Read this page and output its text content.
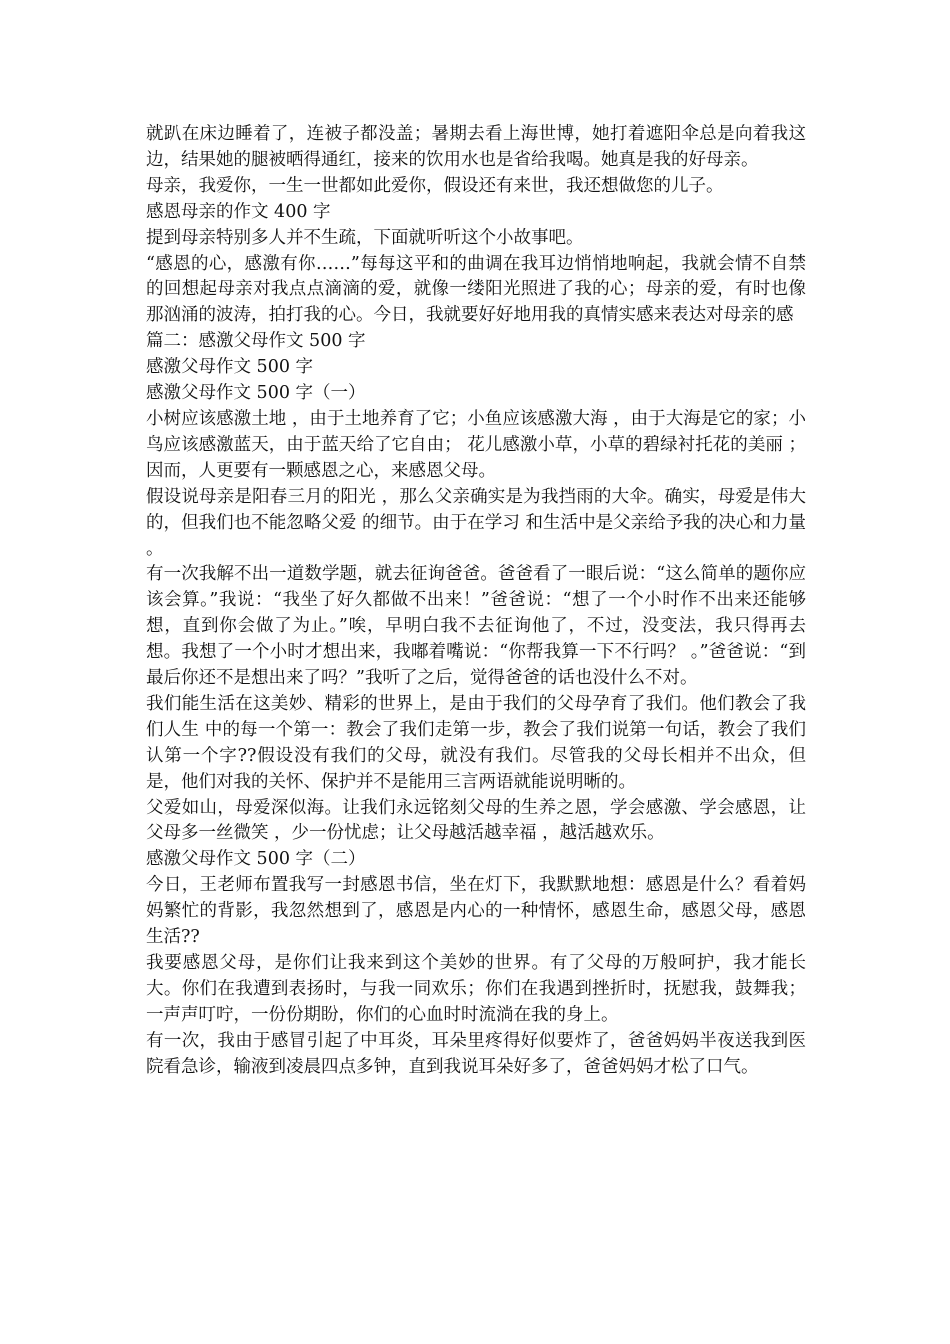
就趴在床边睡着了，连被子都没盖；暑期去看上海世博，她打着遮阳伞总是向着我这边，结果她的腿被晒得通红，接来的饮用水也是省给我喝。她真是我的好母亲。

母亲，我爱你，一生一世都如此爱你，假设还有来世，我还想做您的儿子。

感恩母亲的作文 400 字

提到母亲特别多人并不生疏，下面就听听这个小故事吧。

“感恩的心，感激有你……”每每这平和的曲调在我耳边悄悄地响起，我就会情不自禁的回想起母亲对我点点滴滴的爱，就像一缕阳光照进了我的心；母亲的爱，有时也像那汹涌的波涛，拍打我的心。今日，我就要好好地用我的真情实感来表达对母亲的感

篇二：感激父母作文 500 字

感激父母作文 500 字

感激父母作文 500 字（一）

小树应该感激土地 ，由于土地养育了它；小鱼应该感激大海 ，由于大海是它的家；小鸟应该感激蓝天，由于蓝天给了它自由； 花儿感激小草，小草的碧绿衬托花的美丽 ；因而，人更要有一颗感恩之心，来感恩父母。

假设说母亲是阳春三月的阳光 ，那么父亲确实是为我挡雨的大伞。确实，母爱是伟大 的，但我们也不能忽略父爱 的细节。由于在学习 和生活中是父亲给予我的决心和力量 。

有一次我解不出一道数学题，就去征询爸爸。爸爸看了一眼后说：“这么简单的题你应该会算。”我说：“我坐了好久都做不出来！”爸爸说：“想了一个小时作不出来还能够想，直到你会做了为止。”唉，早明白我不去征询他了，不过，没变法，我只得再去想。我想了一个小时才想出来，我嘟着嘴说：“你帮我算一下不行吗？ 。”爸爸说：“到最后你还不是想出来了吗？”我听了之后，觉得爸爸的话也没什么不对。

我们能生活在这美妙、精彩的世界上，是由于我们的父母孕育了我们。他们教会了我们人生 中的每一个第一：教会了我们走第一步，教会了我们说第一句话，教会了我们认第一个字??假设没有我们的父母，就没有我们。尽管我的父母长相并不出众，但是，他们对我的关怀、保护并不是能用三言两语就能说明晰的。

父爱如山，母爱深似海。让我们永远铭刻父母的生养之恩，学会感激、学会感恩，让父母多一丝微笑 ，少一份忧虑；让父母越活越幸福 ，越活越欢乐。

感激父母作文 500 字（二）

今日，王老师布置我写一封感恩书信，坐在灯下，我默默地想：感恩是什么？看着妈妈繁忙的背影，我忽然想到了，感恩是内心的一种情怀，感恩生命，感恩父母，感恩生活??

我要感恩父母，是你们让我来到这个美妙的世界。有了父母的万般呵护，我才能长大。你们在我遭到表扬时，与我一同欢乐；你们在我遇到挫折时，抚慰我，鼓舞我；一声声叮咛，一份份期盼，你们的心血时时流淌在我的身上。

有一次，我由于感冒引起了中耳炎，耳朵里疼得好似要炸了，爸爸妈妈半夜送我到医院看急诊，输液到凌晨四点多钟，直到我说耳朵好多了，爸爸妈妈才松了口气。
